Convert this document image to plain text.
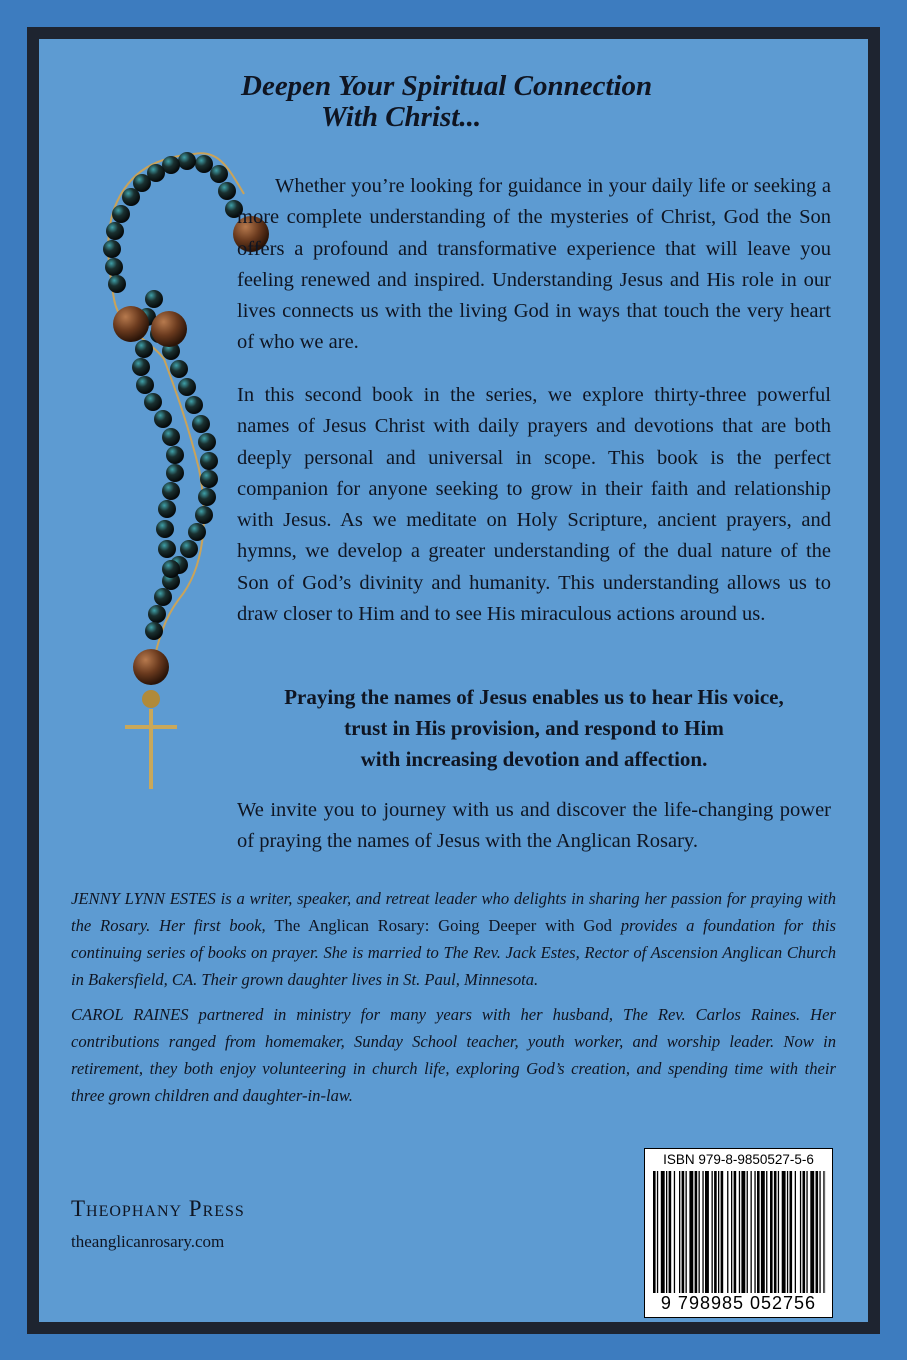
Deepen Your Spiritual Connection
With Christ...

Whether you’re looking for guidance in your daily life or seeking a more complete understanding of the mysteries of Christ, God the Son offers a profound and transformative experience that will leave you feeling renewed and inspired. Understanding Jesus and His role in our lives connects us with the living God in ways that touch the very heart of who we are.

In this second book in the series, we explore thirty-three powerful names of Jesus Christ with daily prayers and devotions that are both deeply personal and universal in scope. This book is the perfect companion for anyone seeking to grow in their faith and relationship with Jesus. As we meditate on Holy Scripture, ancient prayers, and hymns, we develop a greater understanding of the dual nature of the Son of God’s divinity and humanity. This understanding allows us to draw closer to Him and to see His miraculous actions around us.

Praying the names of Jesus enables us to hear His voice,
trust in His provision, and respond to Him
with increasing devotion and affection.

We invite you to journey with us and discover the life-changing power of praying the names of Jesus with the Anglican Rosary.

JENNY LYNN ESTES is a writer, speaker, and retreat leader who delights in sharing her passion for praying with the Rosary. Her first book, The Anglican Rosary: Going Deeper with God provides a foundation for this continuing series of books on prayer. She is married to The Rev. Jack Estes, Rector of Ascension Anglican Church in Bakersfield, CA. Their grown daughter lives in St. Paul, Minnesota.

CAROL RAINES partnered in ministry for many years with her husband, The Rev. Carlos Raines. Her contributions ranged from homemaker, Sunday School teacher, youth worker, and worship leader. Now in retirement, they both enjoy volunteering in church life, exploring God’s creation, and spending time with their three grown children and daughter-in-law.

Theophany Press
theanglicanrosary.com
ISBN 979-8-9850527-5-6
9 798985 052756
